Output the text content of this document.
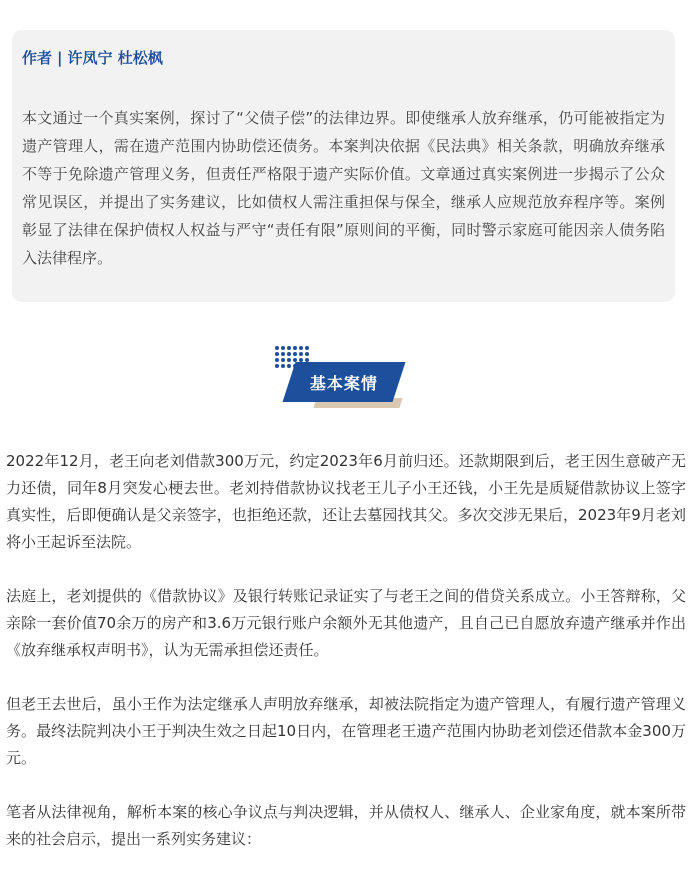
作者 | 许凤宁 杜松枫
本文通过一个真实案例，探讨了“父债子偿”的法律边界。即使继承人放弃继承，仍可能被指定为遗产管理人，需在遗产范围内协助偿还债务。本案判决依据《民法典》相关条款，明确放弃继承不等于免除遗产管理义务，但责任严格限于遗产实际价值。文章通过真实案例进一步揭示了公众常见误区，并提出了实务建议，比如债权人需注重担保与保全，继承人应规范放弃程序等。案例彰显了法律在保护债权人权益与严守“责任有限”原则间的平衡，同时警示家庭可能因亲人债务陷入法律程序。
基本案情

2022年12月，老王向老刘借款300万元，约定2023年6月前归还。还款期限到后，老王因生意破产无力还债，同年8月突发心梗去世。老刘持借款协议找老王儿子小王还钱，小王先是质疑借款协议上签字真实性，后即便确认是父亲签字，也拒绝还款，还让去墓园找其父。多次交涉无果后，2023年9月老刘将小王起诉至法院。

法庭上，老刘提供的《借款协议》及银行转账记录证实了与老王之间的借贷关系成立。小王答辩称，父亲除一套价值70余万的房产和3.6万元银行账户余额外无其他遗产，且自己已自愿放弃遗产继承并作出《放弃继承权声明书》，认为无需承担偿还责任。

但老王去世后，虽小王作为法定继承人声明放弃继承，却被法院指定为遗产管理人，有履行遗产管理义务。最终法院判决小王于判决生效之日起10日内，在管理老王遗产范围内协助老刘偿还借款本金300万元。

笔者从法律视角，解析本案的核心争议点与判决逻辑，并从债权人、继承人、企业家角度，就本案所带来的社会启示，提出一系列实务建议：
